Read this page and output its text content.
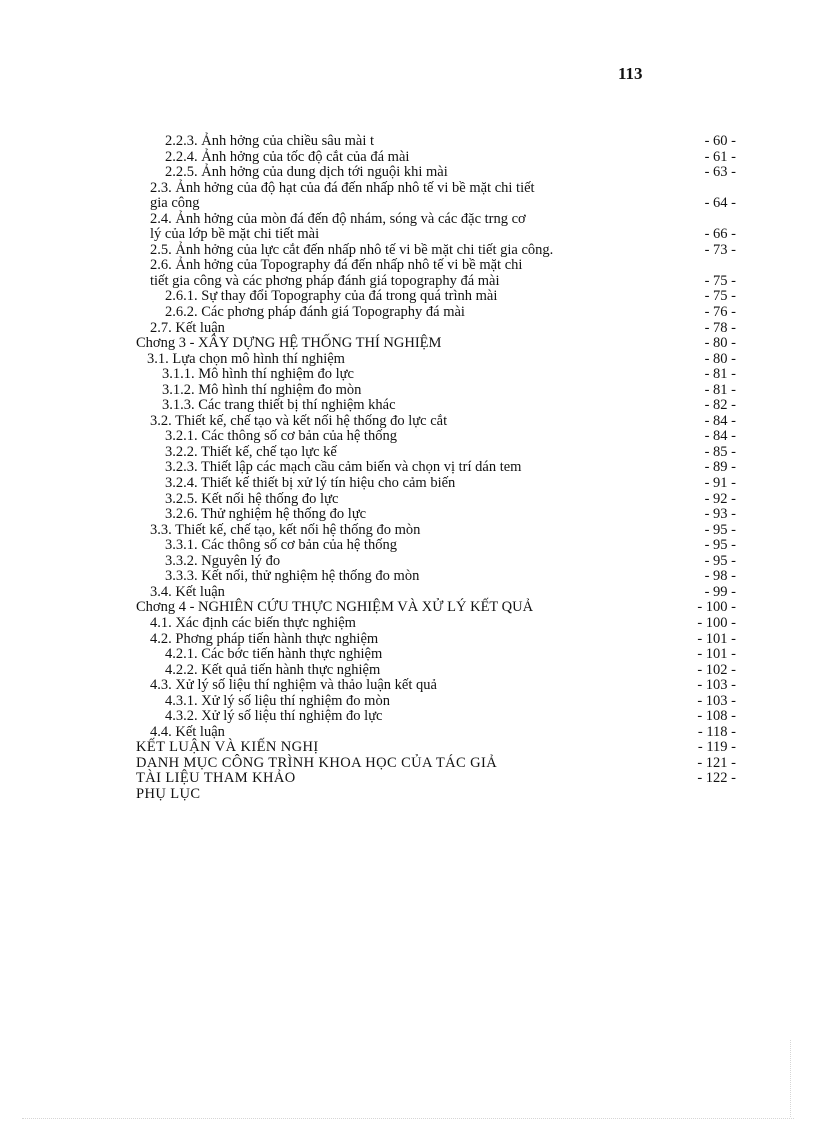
113
2.2.3. Ảnh hởng của chiều sâu mài t	- 60 -
2.2.4. Ảnh hởng của tốc độ cắt của đá mài	- 61 -
2.2.5. Ảnh hởng của dung dịch tới nguội khi mài	- 63 -
2.3. Ảnh hởng của độ hạt của đá đến nhấp nhô tế vi bề mặt chi tiết
gia công	- 64 -
2.4. Ảnh hởng của mòn đá đến độ nhám, sóng và các đặc trng cơ
lý của lớp bề mặt chi tiết mài	- 66 -
2.5. Ảnh hởng của lực cắt đến nhấp nhô tế vi bề mặt chi tiết gia công.	- 73 -
2.6. Ảnh hởng của Topography đá đến nhấp nhô tế vi bề mặt chi
tiết gia công và các phơng pháp đánh giá topography đá mài	- 75 -
2.6.1. Sự thay đổi Topography của đá trong quá trình mài	- 75 -
2.6.2. Các phơng pháp đánh giá Topography đá mài	- 76 -
2.7. Kết luận	- 78 -
Chơng 3 - XÂY DỰNG HỆ THỐNG THÍ NGHIỆM	- 80 -
3.1. Lựa chọn mô hình thí nghiệm	- 80 -
3.1.1. Mô hình thí nghiệm đo lực	- 81 -
3.1.2. Mô hình thí nghiệm đo mòn	- 81 -
3.1.3. Các trang thiết bị thí nghiệm khác	- 82 -
3.2. Thiết kế, chế tạo và kết nối hệ thống đo lực cắt	- 84 -
3.2.1. Các thông số cơ bản của hệ thống	- 84 -
3.2.2. Thiết kế, chế tạo lực kế	- 85 -
3.2.3. Thiết lập các mạch cầu cảm biến và chọn vị trí dán tem	- 89 -
3.2.4. Thiết kế thiết bị xử lý tín hiệu cho cảm biến	- 91 -
3.2.5. Kết nối hệ thống đo lực	- 92 -
3.2.6. Thử nghiệm hệ thống đo lực	- 93 -
3.3. Thiết kế, chế tạo, kết nối hệ thống đo mòn	- 95 -
3.3.1. Các thông số cơ bản của hệ thống	- 95 -
3.3.2. Nguyên lý đo	- 95 -
3.3.3. Kết nối, thử nghiệm hệ thống đo mòn	- 98 -
3.4. Kết luận	- 99 -
Chơng 4 - NGHIÊN CỨU THỰC NGHIỆM VÀ XỬ LÝ KẾT QUẢ	- 100 -
4.1. Xác định các biến thực nghiệm	- 100 -
4.2. Phơng pháp tiến hành thực nghiệm	- 101 -
4.2.1. Các bớc tiến hành thực nghiệm	- 101 -
4.2.2. Kết quả tiến hành thực nghiệm	- 102 -
4.3. Xử lý số liệu thí nghiệm và thảo luận kết quả	- 103 -
4.3.1. Xử lý số liệu thí nghiệm đo mòn	- 103 -
4.3.2. Xử lý số liệu thí nghiệm đo lực	- 108 -
4.4. Kết luận	- 118 -
KẾT LUẬN VÀ KIẾN NGHỊ	- 119 -
DANH MỤC CÔNG TRÌNH KHOA HỌC CỦA TÁC GIẢ	- 121 -
TÀI LIỆU THAM KHẢO	- 122 -
PHỤ LỤC
